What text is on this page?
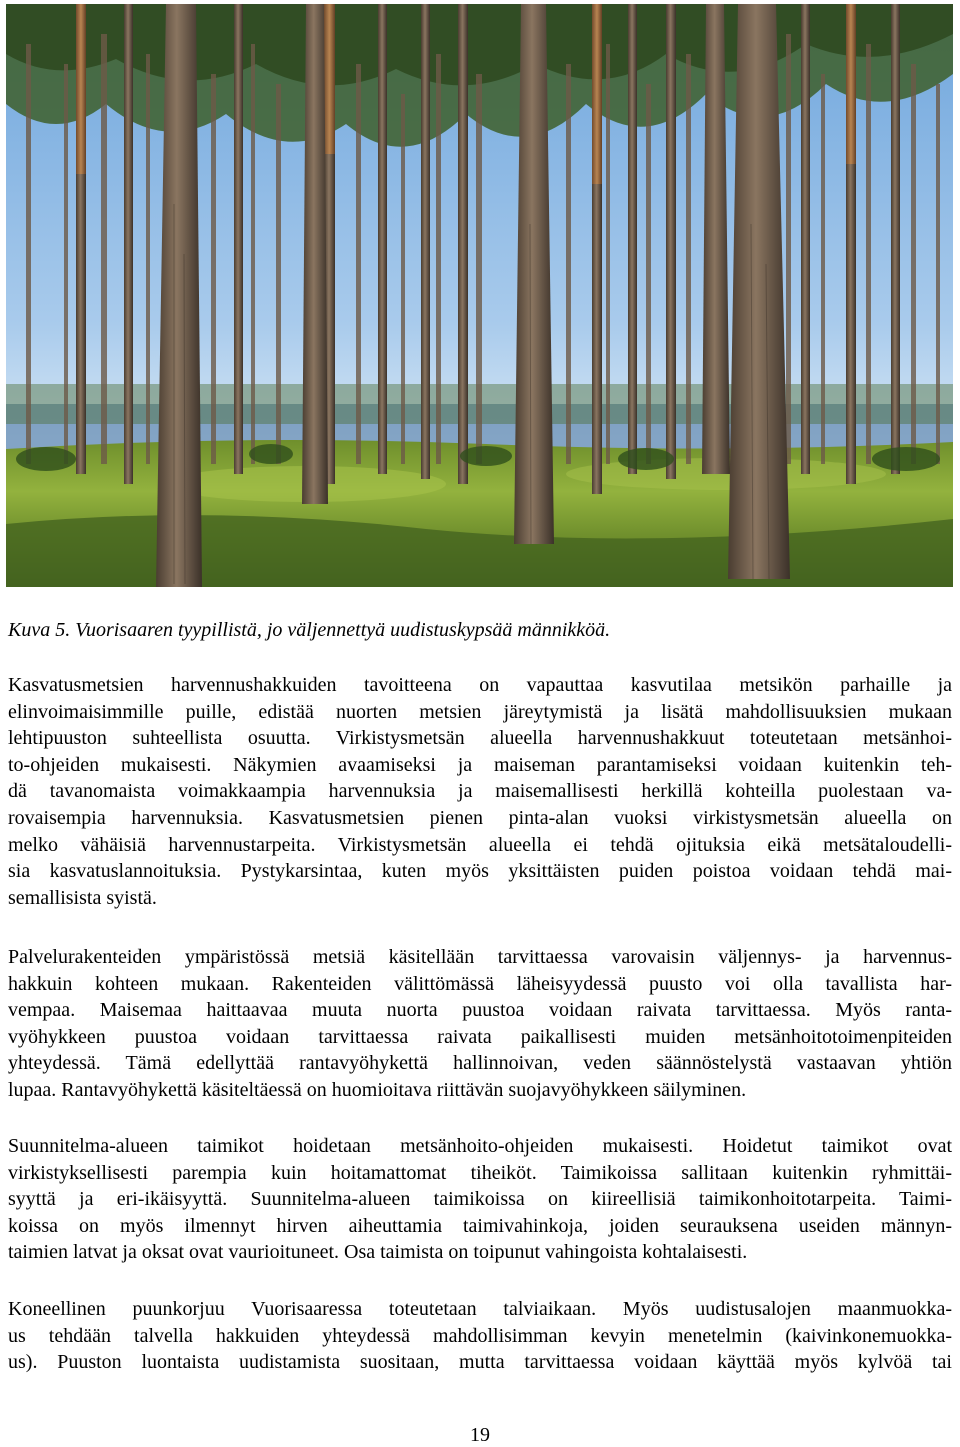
Kuva 5. Vuorisaaren tyypillistä, jo väljennettyä uudistuskypsää männikköä.
Kasvatusmetsien harvennushakkuiden tavoitteena on vapauttaa kasvutilaa metsikön parhaille ja
elinvoimaisimmille puille, edistää nuorten metsien järeytymistä ja lisätä mahdollisuuksien mukaan
lehtipuuston suhteellista osuutta. Virkistysmetsän alueella harvennushakkuut toteutetaan metsänhoi-
to-ohjeiden mukaisesti. Näkymien avaamiseksi ja maiseman parantamiseksi voidaan kuitenkin teh-
dä tavanomaista voimakkaampia harvennuksia ja maisemallisesti herkillä kohteilla puolestaan va-
rovaisempia harvennuksia. Kasvatusmetsien pienen pinta-alan vuoksi virkistysmetsän alueella on
melko vähäisiä harvennustarpeita. Virkistysmetsän alueella ei tehdä ojituksia eikä metsätaloudelli-
sia kasvatuslannoituksia. Pystykarsintaa, kuten myös yksittäisten puiden poistoa voidaan tehdä mai-
semallisista syistä.
Palvelurakenteiden ympäristössä metsiä käsitellään tarvittaessa varovaisin väljennys- ja harvennus-
hakkuin kohteen mukaan. Rakenteiden välittömässä läheisyydessä puusto voi olla tavallista har-
vempaa. Maisemaa haittaavaa muuta nuorta puustoa voidaan raivata tarvittaessa. Myös ranta-
vyöhykkeen puustoa voidaan tarvittaessa raivata paikallisesti muiden metsänhoitotoimenpiteiden
yhteydessä. Tämä edellyttää rantavyöhykettä hallinnoivan, veden säännöstelystä vastaavan yhtiön
lupaa. Rantavyöhykettä käsiteltäessä on huomioitava riittävän suojavyöhykkeen säilyminen.
Suunnitelma-alueen taimikot hoidetaan metsänhoito-ohjeiden mukaisesti. Hoidetut taimikot ovat
virkistyksellisesti parempia kuin hoitamattomat tiheiköt. Taimikoissa sallitaan kuitenkin ryhmittäi-
syyttä ja eri-ikäisyyttä. Suunnitelma-alueen taimikoissa on kiireellisiä taimikonhoitotarpeita. Taimi-
koissa on myös ilmennyt hirven aiheuttamia taimivahinkoja, joiden seurauksena useiden männyn-
taimien latvat ja oksat ovat vaurioituneet. Osa taimista on toipunut vahingoista kohtalaisesti.
Koneellinen puunkorjuu Vuorisaaressa toteutetaan talviaikaan. Myös uudistusalojen maanmuokka-
us tehdään talvella hakkuiden yhteydessä mahdollisimman kevyin menetelmin (kaivinkonemuokka-
us). Puuston luontaista uudistamista suositaan, mutta tarvittaessa voidaan käyttää myös kylvöä tai
19
